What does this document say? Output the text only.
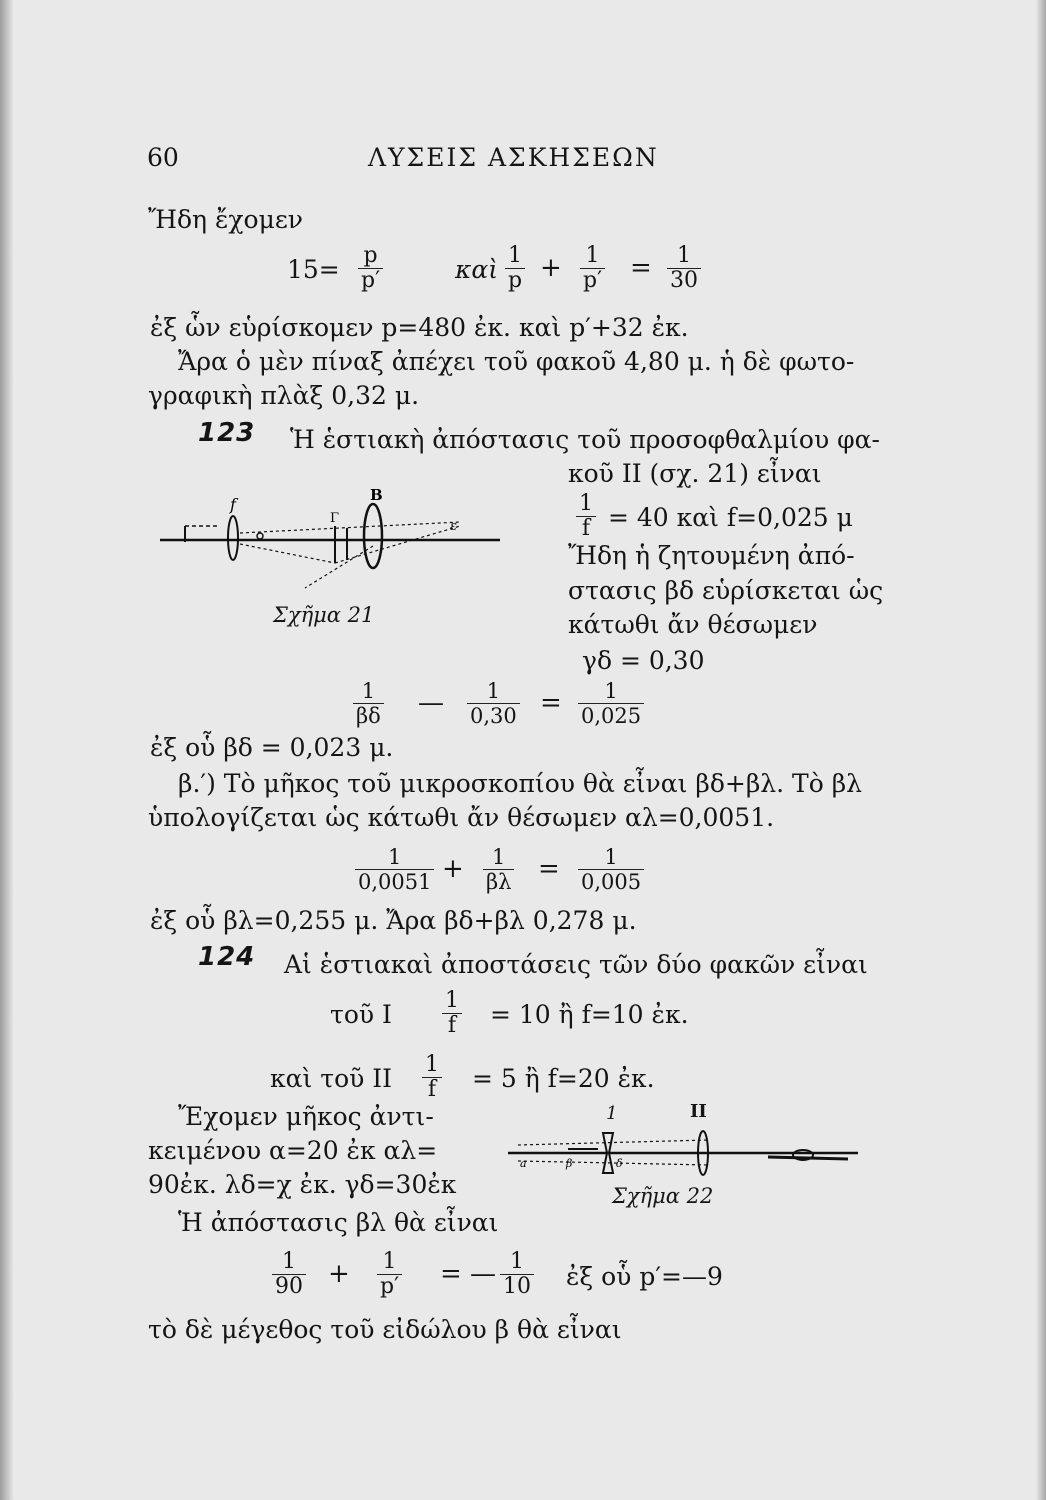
60	ΛΥΣΕΙΣ ΑΣΚΗΣΕΩΝ
Ἤδη ἔχομεν
$15= \frac{p}{p'}$	καὶ $\frac{1}{p} + \frac{1}{p'} = \frac{1}{30}$
ἐξ ὧν εὑρίσκομεν p=480 ἐκ. καὶ p′+32 ἐκ.
Ἄρα ὁ μὲν πίναξ ἀπέχει τοῦ φακοῦ 4,80 μ. ἡ δὲ φωτο-
γραφικὴ πλὰξ 0,32 μ.
123 Ἡ ἑστιακὴ ἀπόστασις τοῦ προσοφθαλμίου φα-
κοῦ II (σχ. 21) εἶναι
$\frac{1}{f} = 40$ καὶ f=0,025 μ
Ἤδη ἡ ζητουμένη ἀπό-
στασις βδ εὑρίσκεται ὡς
κάτωθι ἄν θέσωμεν
γδ = 0,30
f	B
Γ
ε
Σχῆμα 21
$\frac{1}{\beta\delta}$ — $\frac{1}{0,30} = \frac{1}{0,025}$
ἐξ οὗ βδ = 0,023 μ.
β.′) Τὸ μῆκος τοῦ μικροσκοπίου θὰ εἶναι βδ+βλ. Τὸ βλ
ὑπολογίζεται ὡς κάτωθι ἄν θέσωμεν αλ=0,0051.
$\frac{1}{0,0051} + \frac{1}{\beta\lambda} = \frac{1}{0,005}$
ἐξ οὗ βλ=0,255 μ. Ἄρα βδ+βλ 0,278 μ.
124 Αἱ ἑστιακαὶ ἀποστάσεις τῶν δύο φακῶν εἶναι
τοῦ I $\frac{1}{f} = 10$ ἢ f=10 ἐκ.
καὶ τοῦ II $\frac{1}{f} = 5$ ἢ f=20 ἐκ.
Ἔχομεν μῆκος ἀντι-
κειμένου α=20 ἐκ αλ=
90ἐκ. λδ=χ ἐκ. γδ=30ἐκ
a	β	δ
1	II
Σχῆμα 22
Ἡ ἀπόστασις βλ θὰ εἶναι
$\frac{1}{90} + \frac{1}{p'}$ = — $\frac{1}{10}$ ἐξ οὗ p′=—9
τὸ δὲ μέγεθος τοῦ εἰδώλου β θὰ εἶναι
